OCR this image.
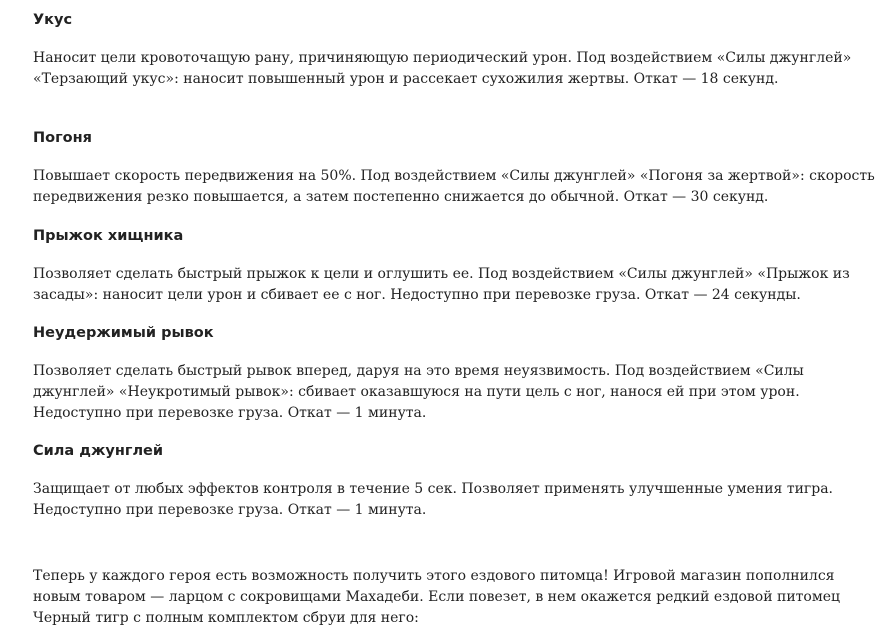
Укус

Наносит цели кровоточащую рану, причиняющую периодический урон. Под воздействием «Силы джунглей» «Терзающий укус»: наносит повышенный урон и рассекает сухожилия жертвы. Откат — 18 секунд.

Погоня

Повышает скорость передвижения на 50%. Под воздействием «Силы джунглей» «Погоня за жертвой»: скорость передвижения резко повышается, а затем постепенно снижается до обычной. Откат — 30 секунд.

Прыжок хищника

Позволяет сделать быстрый прыжок к цели и оглушить ее. Под воздействием «Силы джунглей» «Прыжок из засады»: наносит цели урон и сбивает ее с ног. Недоступно при перевозке груза. Откат — 24 секунды.

Неудержимый рывок

Позволяет сделать быстрый рывок вперед, даруя на это время неуязвимость. Под воздействием «Силы джунглей» «Неукротимый рывок»: сбивает оказавшуюся на пути цель с ног, нанося ей при этом урон. Недоступно при перевозке груза. Откат — 1 минута.

Сила джунглей

Защищает от любых эффектов контроля в течение 5 сек. Позволяет применять улучшенные умения тигра. Недоступно при перевозке груза. Откат — 1 минута.

Теперь у каждого героя есть возможность получить этого ездового питомца! Игровой магазин пополнился новым товаром — ларцом с сокровищами Махадеби. Если повезет, в нем окажется редкий ездовой питомец Черный тигр с полным комплектом сбруи для него:
